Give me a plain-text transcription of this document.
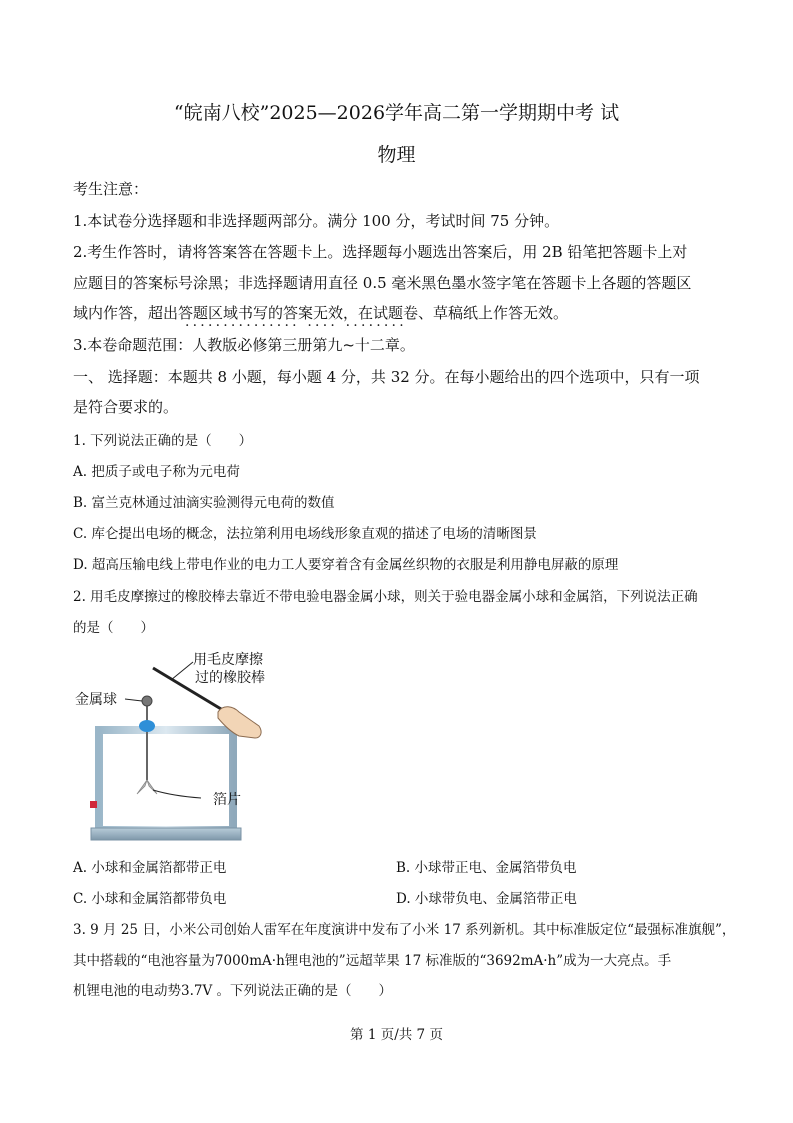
“皖南八校”2025—2026学年高二第一学期期中考 试
物理
考生注意：
1.本试卷分选择题和非选择题两部分。满分 100 分，考试时间 75 分钟。
2.考生作答时，请将答案答在答题卡上。选择题每小题选出答案后，用 2B 铅笔把答题卡上对
应题目的答案标号涂黑；非选择题请用直径 0.5 毫米黑色墨水签字笔在答题卡上各题的答题区
域内作答，超出答题区域书写的答案无效，在试题卷、草稿纸上作答无效。
··············· ···· ········
3.本卷命题范围：人教版必修第三册第九~十二章。
一、 选择题：本题共 8 小题，每小题 4 分，共 32 分。在每小题给出的四个选项中，只有一项
是符合要求的。
1. 下列说法正确的是（　　）
A. 把质子或电子称为元电荷
B. 富兰克林通过油滴实验测得元电荷的数值
C. 库仑提出电场的概念，法拉第利用电场线形象直观的描述了电场的清晰图景
D. 超高压输电线上带电作业的电力工人要穿着含有金属丝织物的衣服是利用静电屏蔽的原理
2. 用毛皮摩擦过的橡胶棒去靠近不带电验电器金属小球，则关于验电器金属小球和金属箔，下列说法正确
的是（　　）
用毛皮摩擦
过的橡胶棒
金属球
箔片
A. 小球和金属箔都带正电	B. 小球带正电、金属箔带负电
C. 小球和金属箔都带负电	D. 小球带负电、金属箔带正电
3. 9 月 25 日，小米公司创始人雷军在年度演讲中发布了小米 17 系列新机。其中标准版定位“最强标准旗舰”，
其中搭载的“电池容量为7000mA·h锂电池的”远超苹果 17 标准版的“3692mA·h”成为一大亮点。手
机锂电池的电动势3.7V 。下列说法正确的是（　　）
第 1 页/共 7 页
